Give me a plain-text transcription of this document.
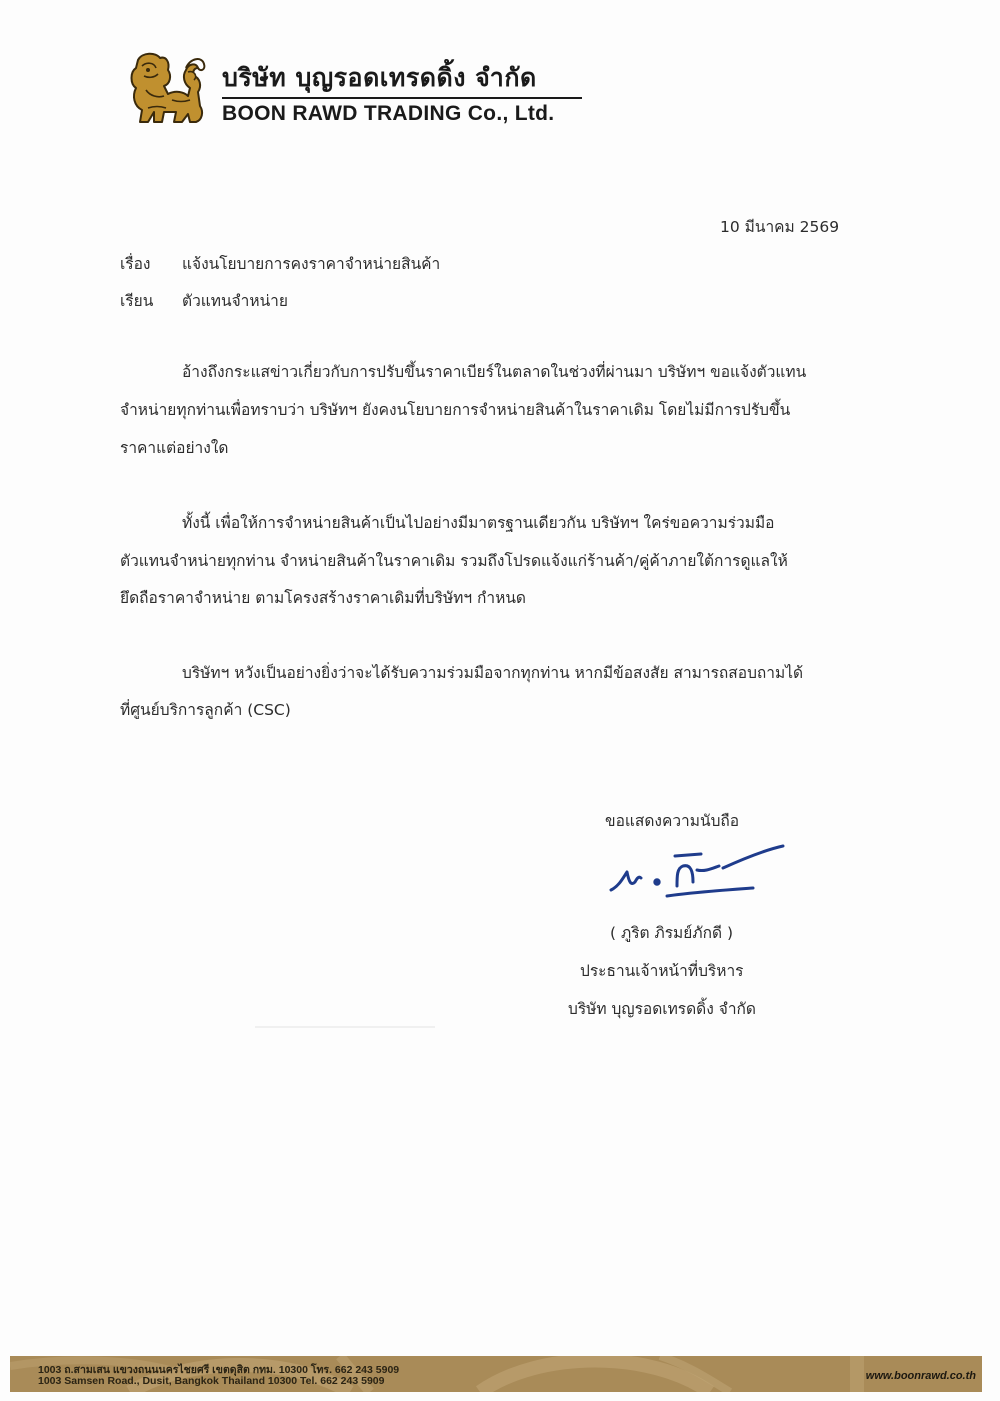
บริษัท บุญรอดเทรดดิ้ง จำกัด
BOON RAWD TRADING Co., Ltd.
10 มีนาคม 2569
เรื่อง แจ้งนโยบายการคงราคาจำหน่ายสินค้า
เรียน ตัวแทนจำหน่าย
อ้างถึงกระแสข่าวเกี่ยวกับการปรับขึ้นราคาเบียร์ในตลาดในช่วงที่ผ่านมา บริษัทฯ ขอแจ้งตัวแทน
จำหน่ายทุกท่านเพื่อทราบว่า บริษัทฯ ยังคงนโยบายการจำหน่ายสินค้าในราคาเดิม โดยไม่มีการปรับขึ้น
ราคาแต่อย่างใด
ทั้งนี้ เพื่อให้การจำหน่ายสินค้าเป็นไปอย่างมีมาตรฐานเดียวกัน บริษัทฯ ใคร่ขอความร่วมมือ
ตัวแทนจำหน่ายทุกท่าน จำหน่ายสินค้าในราคาเดิม รวมถึงโปรดแจ้งแก่ร้านค้า/คู่ค้าภายใต้การดูแลให้
ยึดถือราคาจำหน่าย ตามโครงสร้างราคาเดิมที่บริษัทฯ กำหนด
บริษัทฯ หวังเป็นอย่างยิ่งว่าจะได้รับความร่วมมือจากทุกท่าน หากมีข้อสงสัย สามารถสอบถามได้
ที่ศูนย์บริการลูกค้า (CSC)
ขอแสดงความนับถือ
( ภูริต ภิรมย์ภักดี )
ประธานเจ้าหน้าที่บริหาร
บริษัท บุญรอดเทรดดิ้ง จำกัด
1003 ถ.สามเสน แขวงถนนนครไชยศรี เขตดุสิต กทม. 10300 โทร. 662 243 5909
1003 Samsen Road., Dusit, Bangkok Thailand 10300 Tel. 662 243 5909	www.boonrawd.co.th
